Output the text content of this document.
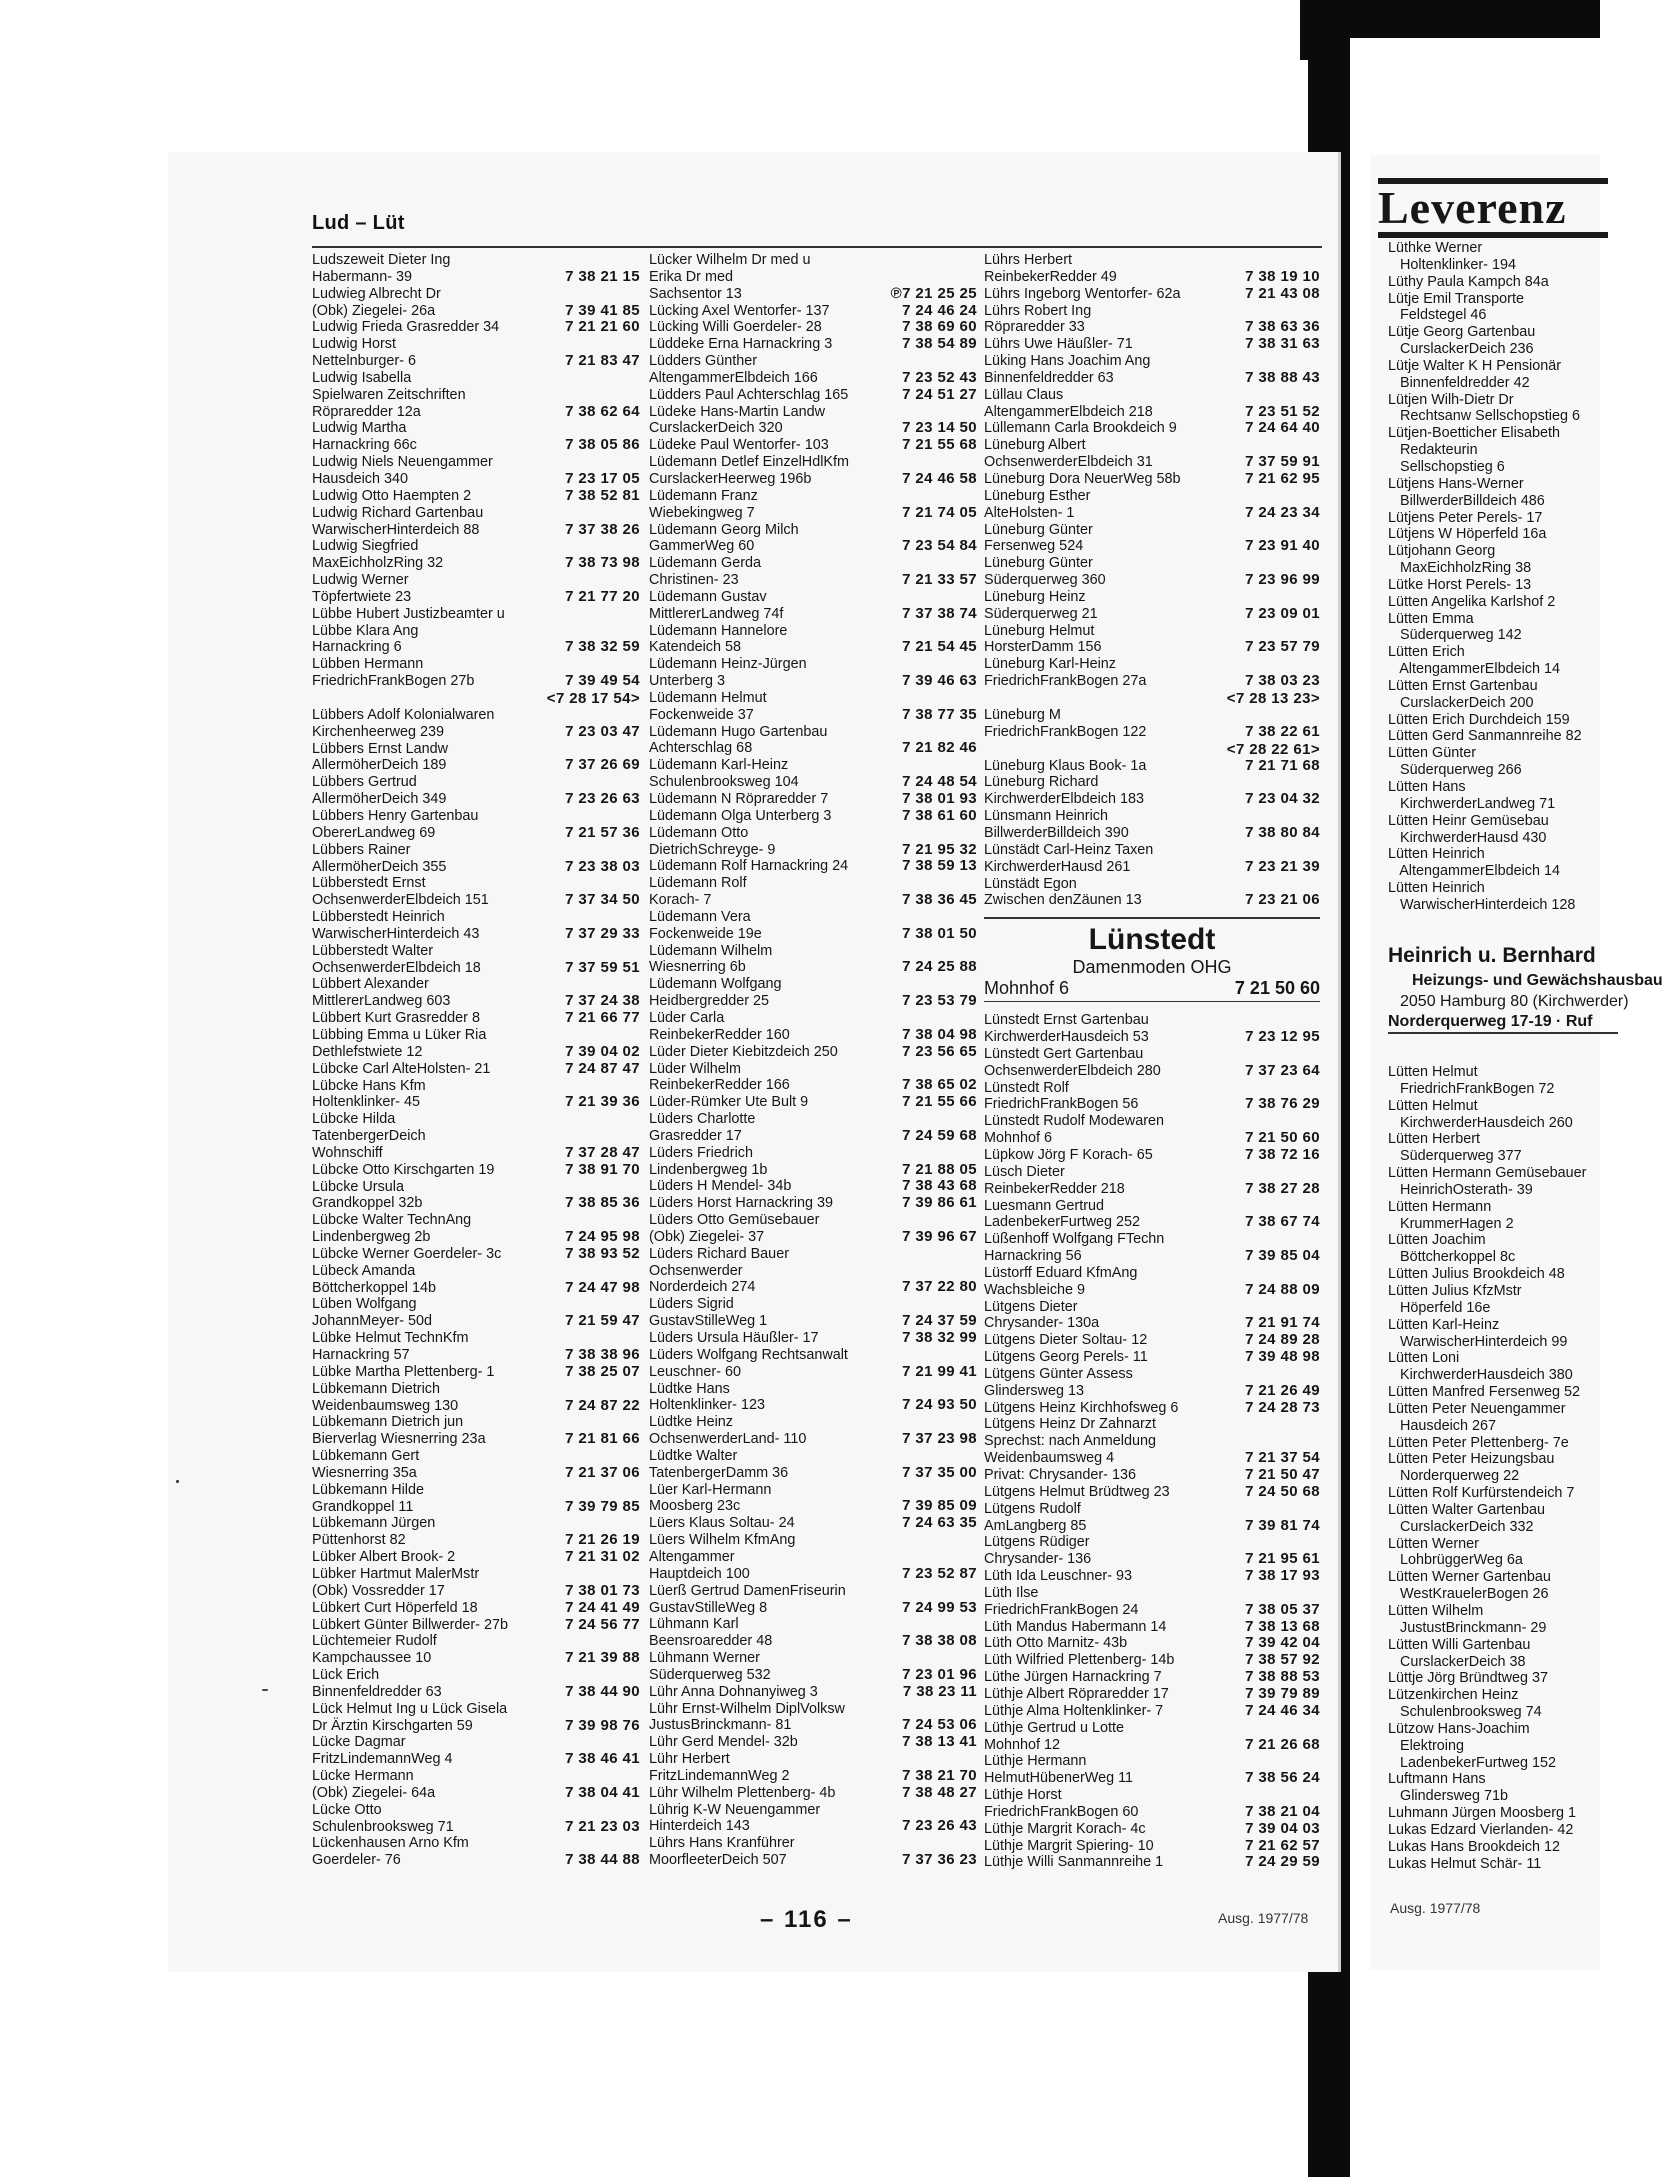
Lud – Lüt
Ludszeweit Dieter Ing
Habermann- 39	7 38 21 15
Ludwieg Albrecht Dr
(Obk) Ziegelei- 26a	7 39 41 85
Ludwig Frieda Grasredder 34	7 21 21 60
Ludwig Horst
Nettelnburger- 6	7 21 83 47
Ludwig Isabella
Spielwaren Zeitschriften
Röpraredder 12a	7 38 62 64
Ludwig Martha
Harnackring 66c	7 38 05 86
Ludwig Niels Neuengammer
Hausdeich 340	7 23 17 05
Ludwig Otto Haempten 2	7 38 52 81
Ludwig Richard Gartenbau
WarwischerHinterdeich 88	7 37 38 26
Ludwig Siegfried
MaxEichholzRing 32	7 38 73 98
Ludwig Werner
Töpfertwiete 23	7 21 77 20
Lübbe Hubert Justizbeamter u
Lübbe Klara Ang
Harnackring 6	7 38 32 59
Lübben Hermann
FriedrichFrankBogen 27b	7 39 49 54
<7 28 17 54>
Lübbers Adolf Kolonialwaren
Kirchenheerweg 239	7 23 03 47
Lübbers Ernst Landw
AllermöherDeich 189	7 37 26 69
Lübbers Gertrud
AllermöherDeich 349	7 23 26 63
Lübbers Henry Gartenbau
ObererLandweg 69	7 21 57 36
Lübbers Rainer
AllermöherDeich 355	7 23 38 03
Lübberstedt Ernst
OchsenwerderElbdeich 151	7 37 34 50
Lübberstedt Heinrich
WarwischerHinterdeich 43	7 37 29 33
Lübberstedt Walter
OchsenwerderElbdeich 18	7 37 59 51
Lübbert Alexander
MittlererLandweg 603	7 37 24 38
Lübbert Kurt Grasredder 8	7 21 66 77
Lübbing Emma u Lüker Ria
Dethlefstwiete 12	7 39 04 02
Lübcke Carl AlteHolsten- 21	7 24 87 47
Lübcke Hans Kfm
Holtenklinker- 45	7 21 39 36
Lübcke Hilda
TatenbergerDeich
Wohnschiff	7 37 28 47
Lübcke Otto Kirschgarten 19	7 38 91 70
Lübcke Ursula
Grandkoppel 32b	7 38 85 36
Lübcke Walter TechnAng
Lindenbergweg 2b	7 24 95 98
Lübcke Werner Goerdeler- 3c	7 38 93 52
Lübeck Amanda
Böttcherkoppel 14b	7 24 47 98
Lüben Wolfgang
JohannMeyer- 50d	7 21 59 47
Lübke Helmut TechnKfm
Harnackring 57	7 38 38 96
Lübke Martha Plettenberg- 1	7 38 25 07
Lübkemann Dietrich
Weidenbaumsweg 130	7 24 87 22
Lübkemann Dietrich jun
Bierverlag Wiesnerring 23a	7 21 81 66
Lübkemann Gert
Wiesnerring 35a	7 21 37 06
Lübkemann Hilde
Grandkoppel 11	7 39 79 85
Lübkemann Jürgen
Püttenhorst 82	7 21 26 19
Lübker Albert Brook- 2	7 21 31 02
Lübker Hartmut MalerMstr
(Obk) Vossredder 17	7 38 01 73
Lübkert Curt Höperfeld 18	7 24 41 49
Lübkert Günter Billwerder- 27b	7 24 56 77
Lüchtemeier Rudolf
Kampchaussee 10	7 21 39 88
Lück Erich
Binnenfeldredder 63	7 38 44 90
Lück Helmut Ing u Lück Gisela
Dr Ärztin Kirschgarten 59	7 39 98 76
Lücke Dagmar
FritzLindemannWeg 4	7 38 46 41
Lücke Hermann
(Obk) Ziegelei- 64a	7 38 04 41
Lücke Otto
Schulenbrooksweg 71	7 21 23 03
Lückenhausen Arno Kfm
Goerdeler- 76	7 38 44 88
Lücker Wilhelm Dr med u
Erika Dr med
Sachsentor 13	℗7 21 25 25
Lücking Axel Wentorfer- 137	7 24 46 24
Lücking Willi Goerdeler- 28	7 38 69 60
Lüddeke Erna Harnackring 3	7 38 54 89
Lüdders Günther
AltengammerElbdeich 166	7 23 52 43
Lüdders Paul Achterschlag 165	7 24 51 27
Lüdeke Hans-Martin Landw
CurslackerDeich 320	7 23 14 50
Lüdeke Paul Wentorfer- 103	7 21 55 68
Lüdemann Detlef EinzelHdlKfm
CurslackerHeerweg 196b	7 24 46 58
Lüdemann Franz
Wiebekingweg 7	7 21 74 05
Lüdemann Georg Milch
GammerWeg 60	7 23 54 84
Lüdemann Gerda
Christinen- 23	7 21 33 57
Lüdemann Gustav
MittlererLandweg 74f	7 37 38 74
Lüdemann Hannelore
Katendeich 58	7 21 54 45
Lüdemann Heinz-Jürgen
Unterberg 3	7 39 46 63
Lüdemann Helmut
Fockenweide 37	7 38 77 35
Lüdemann Hugo Gartenbau
Achterschlag 68	7 21 82 46
Lüdemann Karl-Heinz
Schulenbrooksweg 104	7 24 48 54
Lüdemann N Röpraredder 7	7 38 01 93
Lüdemann Olga Unterberg 3	7 38 61 60
Lüdemann Otto
DietrichSchreyge- 9	7 21 95 32
Lüdemann Rolf Harnackring 24	7 38 59 13
Lüdemann Rolf
Korach- 7	7 38 36 45
Lüdemann Vera
Fockenweide 19e	7 38 01 50
Lüdemann Wilhelm
Wiesnerring 6b	7 24 25 88
Lüdemann Wolfgang
Heidbergredder 25	7 23 53 79
Lüder Carla
ReinbekerRedder 160	7 38 04 98
Lüder Dieter Kiebitzdeich 250	7 23 56 65
Lüder Wilhelm
ReinbekerRedder 166	7 38 65 02
Lüder-Rümker Ute Bult 9	7 21 55 66
Lüders Charlotte
Grasredder 17	7 24 59 68
Lüders Friedrich
Lindenbergweg 1b	7 21 88 05
Lüders H Mendel- 34b	7 38 43 68
Lüders Horst Harnackring 39	7 39 86 61
Lüders Otto Gemüsebauer
(Obk) Ziegelei- 37	7 39 96 67
Lüders Richard Bauer
Ochsenwerder
Norderdeich 274	7 37 22 80
Lüders Sigrid
GustavStilleWeg 1	7 24 37 59
Lüders Ursula Häußler- 17	7 38 32 99
Lüders Wolfgang Rechtsanwalt
Leuschner- 60	7 21 99 41
Lüdtke Hans
Holtenklinker- 123	7 24 93 50
Lüdtke Heinz
OchsenwerderLand- 110	7 37 23 98
Lüdtke Walter
TatenbergerDamm 36	7 37 35 00
Lüer Karl-Hermann
Moosberg 23c	7 39 85 09
Lüers Klaus Soltau- 24	7 24 63 35
Lüers Wilhelm KfmAng
Altengammer
Hauptdeich 100	7 23 52 87
Lüerß Gertrud DamenFriseurin
GustavStilleWeg 8	7 24 99 53
Lühmann Karl
Beensroaredder 48	7 38 38 08
Lühmann Werner
Süderquerweg 532	7 23 01 96
Lühr Anna Dohnanyiweg 3	7 38 23 11
Lühr Ernst-Wilhelm DiplVolksw
JustusBrinckmann- 81	7 24 53 06
Lühr Gerd Mendel- 32b	7 38 13 41
Lühr Herbert
FritzLindemannWeg 2	7 38 21 70
Lühr Wilhelm Plettenberg- 4b	7 38 48 27
Lührig K-W Neuengammer
Hinterdeich 143	7 23 26 43
Lührs Hans Kranführer
MoorfleeterDeich 507	7 37 36 23
Lührs Herbert
ReinbekerRedder 49	7 38 19 10
Lührs Ingeborg Wentorfer- 62a	7 21 43 08
Lührs Robert Ing
Röpraredder 33	7 38 63 36
Lührs Uwe Häußler- 71	7 38 31 63
Lüking Hans Joachim Ang
Binnenfeldredder 63	7 38 88 43
Lüllau Claus
AltengammerElbdeich 218	7 23 51 52
Lüllemann Carla Brookdeich 9	7 24 64 40
Lüneburg Albert
OchsenwerderElbdeich 31	7 37 59 91
Lüneburg Dora NeuerWeg 58b	7 21 62 95
Lüneburg Esther
AlteHolsten- 1	7 24 23 34
Lüneburg Günter
Fersenweg 524	7 23 91 40
Lüneburg Günter
Süderquerweg 360	7 23 96 99
Lüneburg Heinz
Süderquerweg 21	7 23 09 01
Lüneburg Helmut
HorsterDamm 156	7 23 57 79
Lüneburg Karl-Heinz
FriedrichFrankBogen 27a	7 38 03 23
<7 28 13 23>
Lüneburg M
FriedrichFrankBogen 122	7 38 22 61
<7 28 22 61>
Lüneburg Klaus Book- 1a	7 21 71 68
Lüneburg Richard
KirchwerderElbdeich 183	7 23 04 32
Lünsmann Heinrich
BillwerderBilldeich 390	7 38 80 84
Lünstädt Carl-Heinz Taxen
KirchwerderHausd 261	7 23 21 39
Lünstädt Egon
Zwischen denZäunen 13	7 23 21 06
Lünstedt
Damenmoden OHG
Mohnhof 6	7 21 50 60
Lünstedt Ernst Gartenbau
KirchwerderHausdeich 53	7 23 12 95
Lünstedt Gert Gartenbau
OchsenwerderElbdeich 280	7 37 23 64
Lünstedt Rolf
FriedrichFrankBogen 56	7 38 76 29
Lünstedt Rudolf Modewaren
Mohnhof 6	7 21 50 60
Lüpkow Jörg F Korach- 65	7 38 72 16
Lüsch Dieter
ReinbekerRedder 218	7 38 27 28
Luesmann Gertrud
LadenbekerFurtweg 252	7 38 67 74
Lüßenhoff Wolfgang FTechn
Harnackring 56	7 39 85 04
Lüstorff Eduard KfmAng
Wachsbleiche 9	7 24 88 09
Lütgens Dieter
Chrysander- 130a	7 21 91 74
Lütgens Dieter Soltau- 12	7 24 89 28
Lütgens Georg Perels- 11	7 39 48 98
Lütgens Günter Assess
Glindersweg 13	7 21 26 49
Lütgens Heinz Kirchhofsweg 6	7 24 28 73
Lütgens Heinz Dr Zahnarzt
Sprechst: nach Anmeldung
Weidenbaumsweg 4	7 21 37 54
Privat: Chrysander- 136	7 21 50 47
Lütgens Helmut Brüdtweg 23	7 24 50 68
Lütgens Rudolf
AmLangberg 85	7 39 81 74
Lütgens Rüdiger
Chrysander- 136	7 21 95 61
Lüth Ida Leuschner- 93	7 38 17 93
Lüth Ilse
FriedrichFrankBogen 24	7 38 05 37
Lüth Mandus Habermann 14	7 38 13 68
Lüth Otto Marnitz- 43b	7 39 42 04
Lüth Wilfried Plettenberg- 14b	7 38 57 92
Lüthe Jürgen Harnackring 7	7 38 88 53
Lüthje Albert Röpraredder 17	7 39 79 89
Lüthje Alma Holtenklinker- 7	7 24 46 34
Lüthje Gertrud u Lotte
Mohnhof 12	7 21 26 68
Lüthje Hermann
HelmutHübenerWeg 11	7 38 56 24
Lüthje Horst
FriedrichFrankBogen 60	7 38 21 04
Lüthje Margrit Korach- 4c	7 39 04 03
Lüthje Margrit Spiering- 10	7 21 62 57
Lüthje Willi Sanmannreihe 1	7 24 29 59
– 116 –	Ausg. 1977/78
Leverenz
Lüthke Werner
Holtenklinker- 194
Lüthy Paula Kampch 84a
Lütje Emil Transporte
Feldstegel 46
Lütje Georg Gartenbau
CurslackerDeich 236
Lütje Walter K H Pensionär
Binnenfeldredder 42
Lütjen Wilh-Dietr Dr
Rechtsanw Sellschopstieg 6
Lütjen-Boetticher Elisabeth
Redakteurin
Sellschopstieg 6
Lütjens Hans-Werner
BillwerderBilldeich 486
Lütjens Peter Perels- 17
Lütjens W Höperfeld 16a
Lütjohann Georg
MaxEichholzRing 38
Lütke Horst Perels- 13
Lütten Angelika Karlshof 2
Lütten Emma
Süderquerweg 142
Lütten Erich
AltengammerElbdeich 14
Lütten Ernst Gartenbau
CurslackerDeich 200
Lütten Erich Durchdeich 159
Lütten Gerd Sanmannreihe 82
Lütten Günter
Süderquerweg 266
Lütten Hans
KirchwerderLandweg 71
Lütten Heinr Gemüsebau
KirchwerderHausd 430
Lütten Heinrich
AltengammerElbdeich 14
Lütten Heinrich
WarwischerHinterdeich 128
Heinrich u. Bernhard
Heizungs- und Gewächshausbau
2050 Hamburg 80 (Kirchwerder)
Norderquerweg 17-19 · Ruf
Lütten Helmut
FriedrichFrankBogen 72
Lütten Helmut
KirchwerderHausdeich 260
Lütten Herbert
Süderquerweg 377
Lütten Hermann Gemüsebauer
HeinrichOsterath- 39
Lütten Hermann
KrummerHagen 2
Lütten Joachim
Böttcherkoppel 8c
Lütten Julius Brookdeich 48
Lütten Julius KfzMstr
Höperfeld 16e
Lütten Karl-Heinz
WarwischerHinterdeich 99
Lütten Loni
KirchwerderHausdeich 380
Lütten Manfred Fersenweg 52
Lütten Peter Neuengammer
Hausdeich 267
Lütten Peter Plettenberg- 7e
Lütten Peter Heizungsbau
Norderquerweg 22
Lütten Rolf Kurfürstendeich 7
Lütten Walter Gartenbau
CurslackerDeich 332
Lütten Werner
LohbrüggerWeg 6a
Lütten Werner Gartenbau
WestKrauelerBogen 26
Lütten Wilhelm
JustustBrinckmann- 29
Lütten Willi Gartenbau
CurslackerDeich 38
Lüttje Jörg Bründtweg 37
Lützenkirchen Heinz
Schulenbrooksweg 74
Lützow Hans-Joachim
Elektroing
LadenbekerFurtweg 152
Luftmann Hans
Glindersweg 71b
Luhmann Jürgen Moosberg 1
Lukas Edzard Vierlanden- 42
Lukas Hans Brookdeich 12
Lukas Helmut Schär- 11
Ausg. 1977/78
